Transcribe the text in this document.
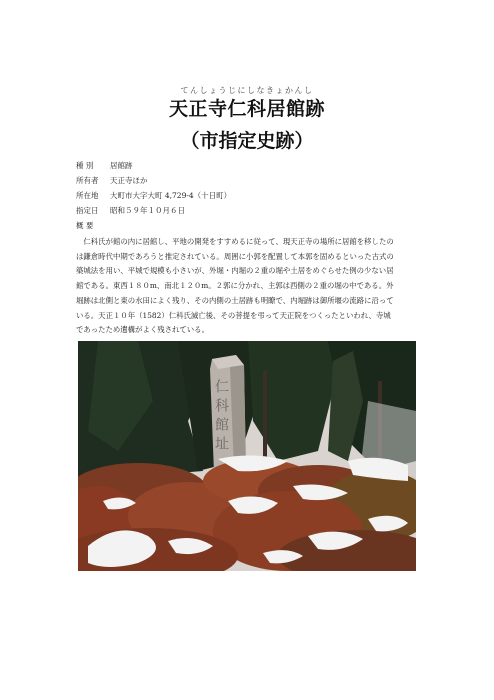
てんしょうじにしなきょかんし
天正寺仁科居館跡
（市指定史跡）
種 別	居館跡
所有者	天正寺ほか
所在地	大町市大字大町 4,729-4（十日町）
指定日	昭和５９年１０月６日
概 要

　仁科氏が館の内に居館し、平地の開発をすすめるに従って、現天正寺の場所に居館を移したの
は鎌倉時代中期であろうと推定されている。周囲に小郭を配置して本郭を固めるといった古式の
築城法を用い、平城で規模も小さいが、外堀・内堀の２重の堀や土居をめぐらせた例の少ない居
館である。東西１８０m、南北１２０m。２郭に分かれ、主郭は西側の２重の堀の中である。外
堀跡は北側と東の水田によく残り、その内側の土居跡も明瞭で、内堀跡は御所堰の流路に沿って
いる。天正１０年（1582）仁科氏滅亡後、その菩提を弔って天正院をつくったといわれ、寺城
であったため遺構がよく残されている。

仁科館址
